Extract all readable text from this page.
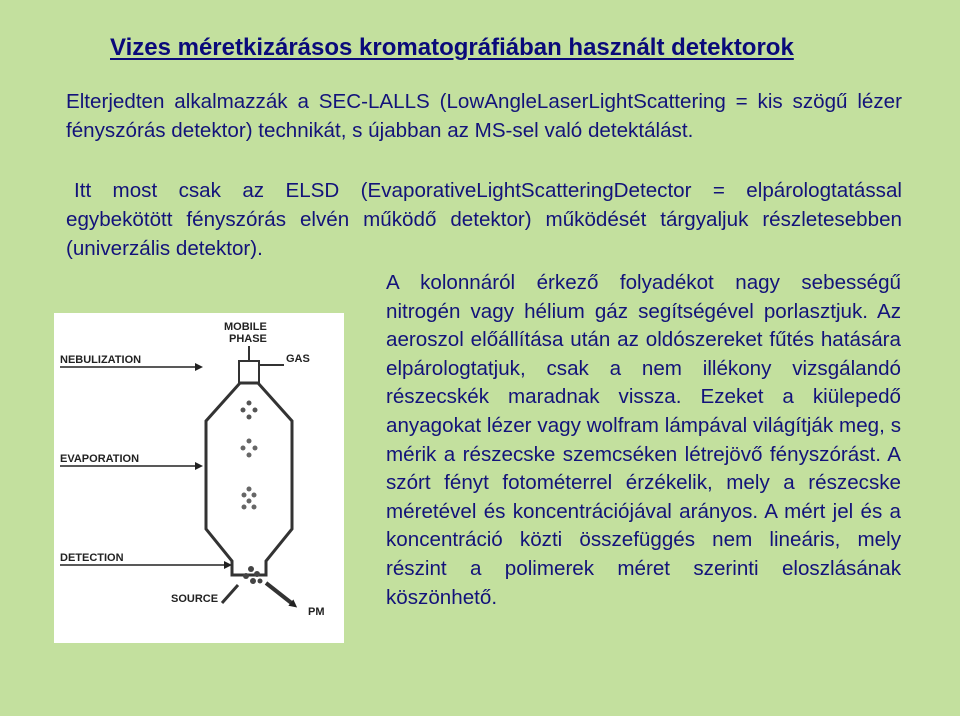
Vizes méretkizárásos kromatográfiában használt detektorok
Elterjedten alkalmazzák a SEC-LALLS (LowAngleLaserLightScattering = kis szögű lézer fényszórás detektor) technikát, s újabban az MS-sel való detektálást.
Itt most csak az ELSD (EvaporativeLightScatteringDetector = elpárologtatással egybekötött fényszórás elvén működő detektor) működését tárgyaljuk részletesebben (univerzális detektor).
A kolonnáról érkező folyadékot nagy sebességű nitrogén vagy hélium gáz segítségével porlasztjuk. Az aeroszol előállítása után az oldószereket fűtés hatására elpárologtatjuk, csak a nem illékony vizsgálandó részecskék maradnak vissza. Ezeket a kiülepedő anyagokat lézer vagy wolfram lámpával világítják meg, s mérik a részecske szemcséken létrejövő fényszórást. A szórt fényt fotométerrel érzékelik, mely a részecske méretével és koncentrációjával arányos. A mért jel és a koncentráció közti összefüggés nem lineáris, mely részint a polimerek méret szerinti eloszlásának köszönhető.
MOBILE
PHASE
GAS
NEBULIZATION
EVAPORATION
DETECTION
SOURCE
PM
